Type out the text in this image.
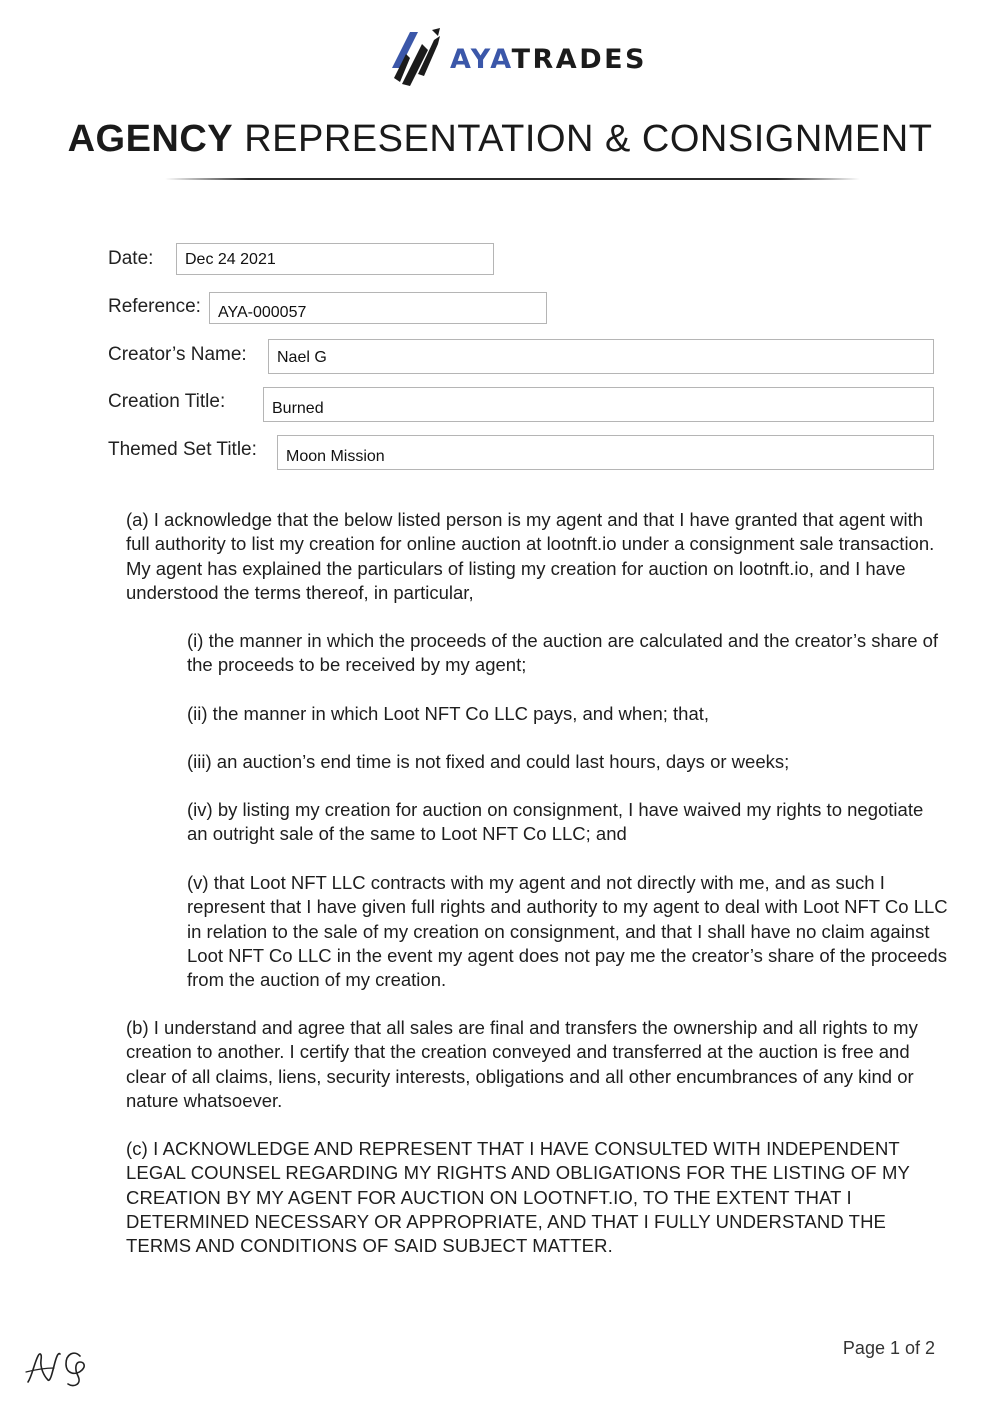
AYATRADES
AGENCY REPRESENTATION & CONSIGNMENT
Date:	Dec 24 2021
Reference:	AYA-000057
Creator’s Name:	Nael G
Creation Title:	Burned
Themed Set Title:	Moon Mission
(a) I acknowledge that the below listed person is my agent and that I have granted that agent with full authority to list my creation for online auction at lootnft.io under a consignment sale transaction. My agent has explained the particulars of listing my creation for auction on lootnft.io, and I have understood the terms thereof, in particular,
(i) the manner in which the proceeds of the auction are calculated and the creator’s share of the proceeds to be received by my agent;
(ii) the manner in which Loot NFT Co LLC pays, and when; that,
(iii) an auction’s end time is not fixed and could last hours, days or weeks;
(iv) by listing my creation for auction on consignment, I have waived my rights to negotiate an outright sale of the same to Loot NFT Co LLC; and
(v) that Loot NFT LLC contracts with my agent and not directly with me, and as such I represent that I have given full rights and authority to my agent to deal with Loot NFT Co LLC in relation to the sale of my creation on consignment, and that I shall have no claim against Loot NFT Co LLC in the event my agent does not pay me the creator’s share of the proceeds from the auction of my creation.
(b) I understand and agree that all sales are final and transfers the ownership and all rights to my creation to another. I certify that the creation conveyed and transferred at the auction is free and clear of all claims, liens, security interests, obligations and all other encumbrances of any kind or nature whatsoever.
(c) I ACKNOWLEDGE AND REPRESENT THAT I HAVE CONSULTED WITH INDEPENDENT LEGAL COUNSEL REGARDING MY RIGHTS AND OBLIGATIONS FOR THE LISTING OF MY CREATION BY MY AGENT FOR AUCTION ON LOOTNFT.IO, TO THE EXTENT THAT I DETERMINED NECESSARY OR APPROPRIATE, AND THAT I FULLY UNDERSTAND THE TERMS AND CONDITIONS OF SAID SUBJECT MATTER.
Page 1 of 2
